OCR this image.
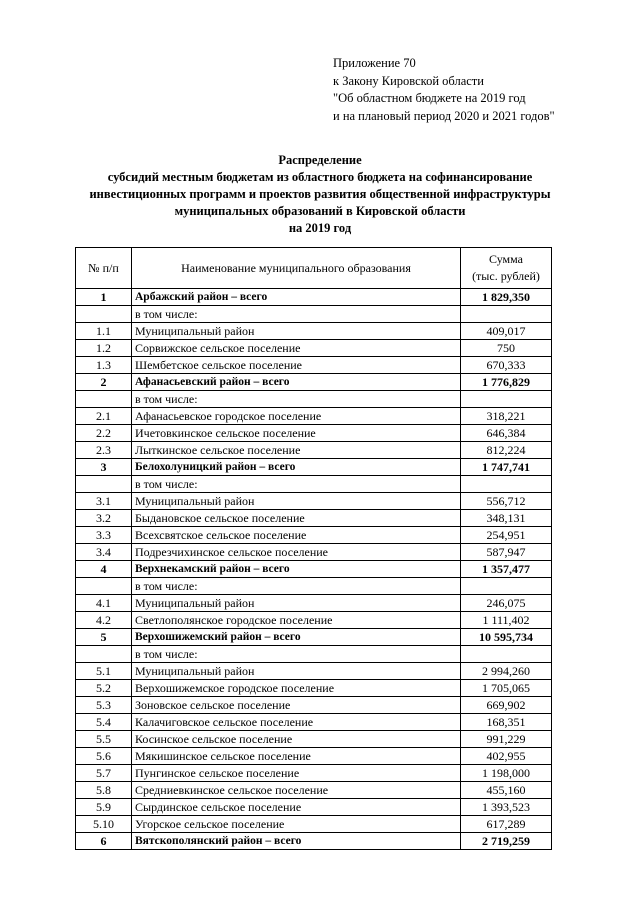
Приложение 70
к Закону Кировской области
"Об областном бюджете на 2019 год
и на плановый период 2020 и 2021 годов"
Распределение
субсидий местным бюджетам из областного бюджета на софинансирование
инвестиционных программ и проектов развития общественной инфраструктуры
муниципальных образований в Кировской области
на 2019 год
№ п/п	Наименование муниципального образования	Сумма
(тыс. рублей)

1	Арбажский район – всего	1 829,350
	в том числе:	
1.1	Муниципальный район	409,017
1.2	Сорвижское сельское поселение	750
1.3	Шембетское сельское поселение	670,333
2	Афанасьевский район – всего	1 776,829
	в том числе:	
2.1	Афанасьевское городское поселение	318,221
2.2	Ичетовкинское сельское поселение	646,384
2.3	Лыткинское сельское поселение	812,224
3	Белохолуницкий район – всего	1 747,741
	в том числе:	
3.1	Муниципальный район	556,712
3.2	Быдановское сельское поселение	348,131
3.3	Всехсвятское сельское поселение	254,951
3.4	Подрезчихинское сельское поселение	587,947
4	Верхнекамский район – всего	1 357,477
	в том числе:	
4.1	Муниципальный район	246,075
4.2	Светлополянское городское поселение	1 111,402
5	Верхошижемский район – всего	10 595,734
	в том числе:	
5.1	Муниципальный район	2 994,260
5.2	Верхошижемское городское поселение	1 705,065
5.3	Зоновское сельское поселение	669,902
5.4	Калачиговское сельское поселение	168,351
5.5	Косинское сельское поселение	991,229
5.6	Мякишинское сельское поселение	402,955
5.7	Пунгинское сельское поселение	1 198,000
5.8	Средниевкинское сельское поселение	455,160
5.9	Сырдинское сельское поселение	1 393,523
5.10	Угорское сельское поселение	617,289
6	Вятскополянский район – всего	2 719,259
